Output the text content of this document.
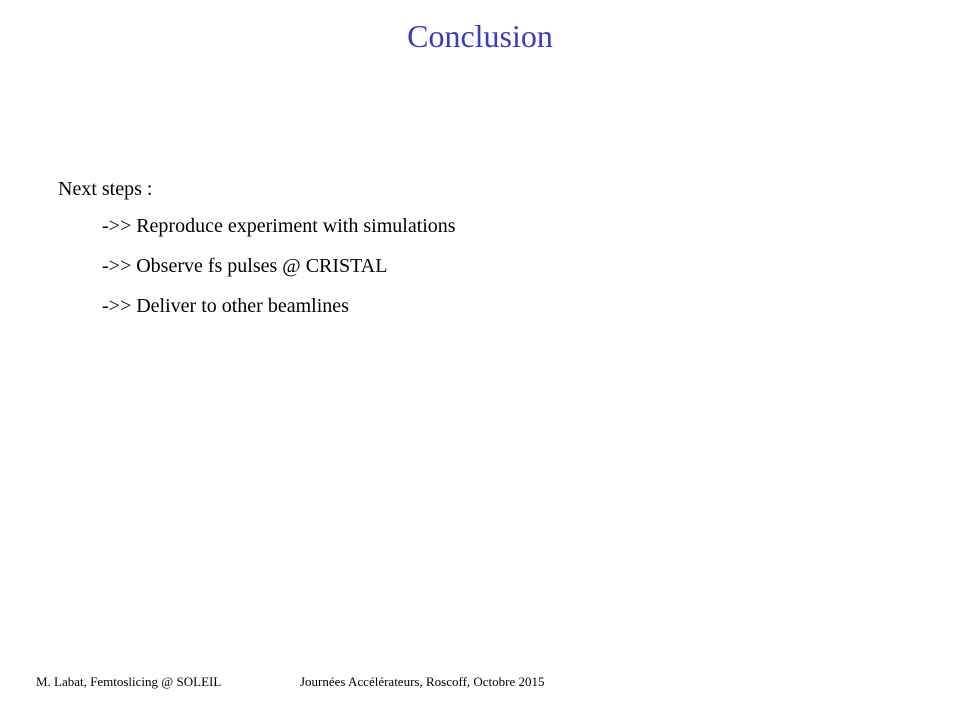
Conclusion

Next steps :

->> Reproduce experiment with simulations

->> Observe fs pulses @ CRISTAL

->> Deliver to other beamlines

M. Labat, Femtoslicing @ SOLEIL	Journées Accélérateurs, Roscoff, Octobre 2015
